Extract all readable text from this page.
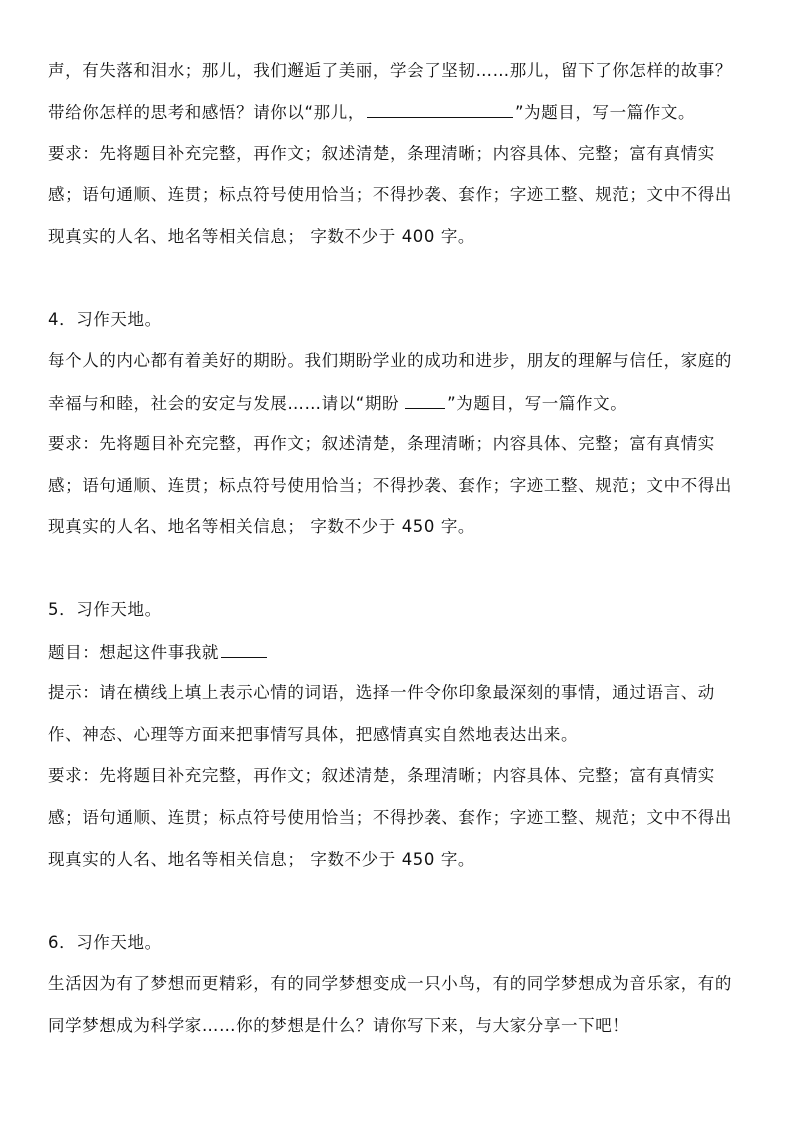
声，有失落和泪水；那儿，我们邂逅了美丽，学会了坚韧……那儿，留下了你怎样的故事？
带给你怎样的思考和感悟？请你以“那儿，	”为题目，写一篇作文。
要求：先将题目补充完整，再作文；叙述清楚，条理清晰；内容具体、完整；富有真情实
感；语句通顺、连贯；标点符号使用恰当；不得抄袭、套作；字迹工整、规范；文中不得出
现真实的人名、地名等相关信息； 字数不少于 400 字。
4．习作天地。
每个人的内心都有着美好的期盼。我们期盼学业的成功和进步，朋友的理解与信任，家庭的
幸福与和睦，社会的安定与发展……请以“期盼	”为题目，写一篇作文。
要求：先将题目补充完整，再作文；叙述清楚，条理清晰；内容具体、完整；富有真情实
感；语句通顺、连贯；标点符号使用恰当；不得抄袭、套作；字迹工整、规范；文中不得出
现真实的人名、地名等相关信息； 字数不少于 450 字。
5．习作天地。
题目：想起这件事我就
提示：请在横线上填上表示心情的词语，选择一件令你印象最深刻的事情，通过语言、动
作、神态、心理等方面来把事情写具体，把感情真实自然地表达出来。
要求：先将题目补充完整，再作文；叙述清楚，条理清晰；内容具体、完整；富有真情实
感；语句通顺、连贯；标点符号使用恰当；不得抄袭、套作；字迹工整、规范；文中不得出
现真实的人名、地名等相关信息； 字数不少于 450 字。
6．习作天地。
生活因为有了梦想而更精彩，有的同学梦想变成一只小鸟，有的同学梦想成为音乐家，有的
同学梦想成为科学家……你的梦想是什么？请你写下来，与大家分享一下吧！
